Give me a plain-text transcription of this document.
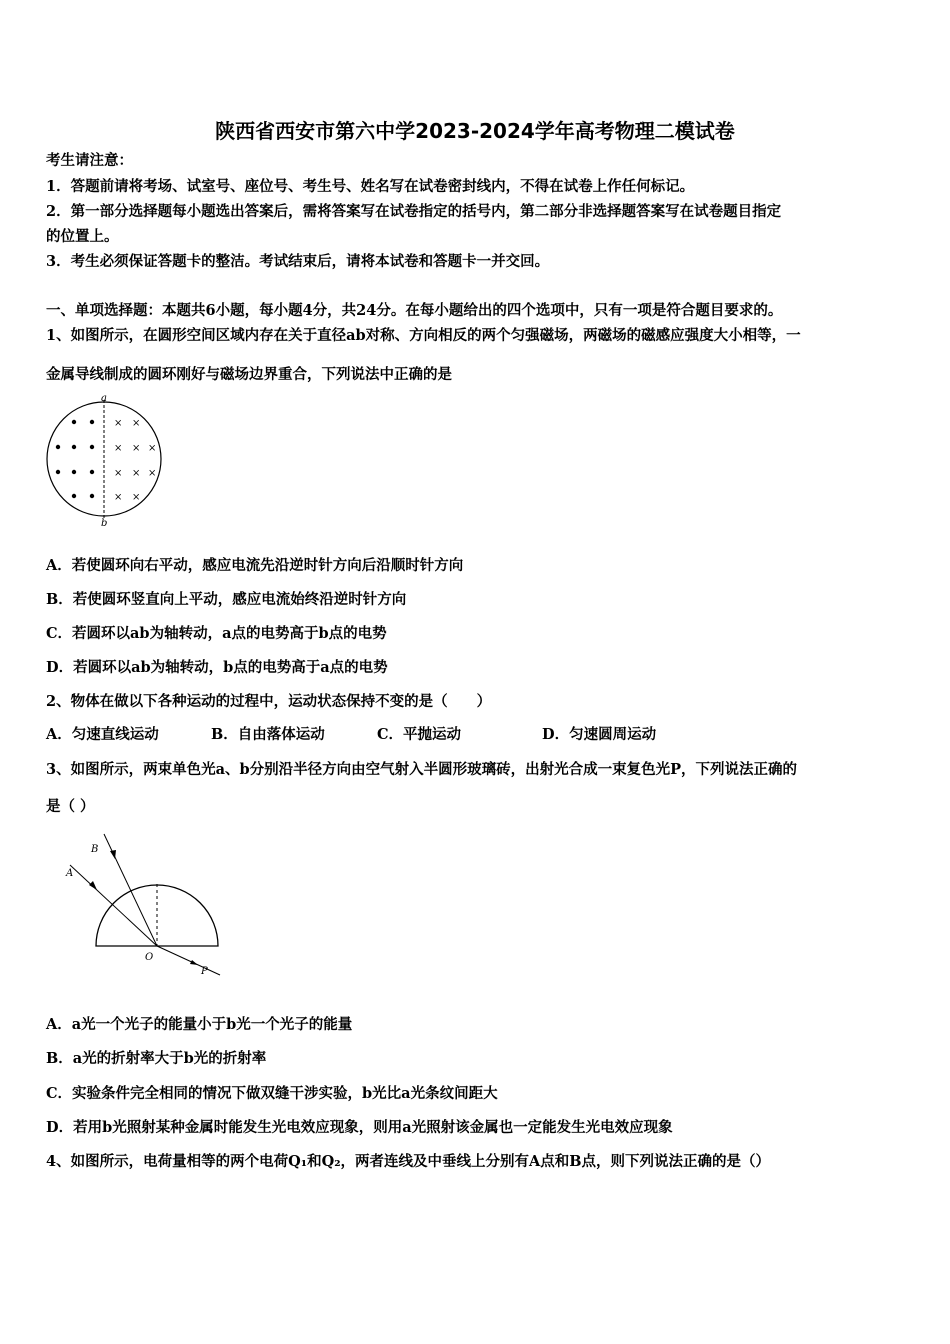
陕西省西安市第六中学2023-2024学年高考物理二模试卷
考生请注意：
1．答题前请将考场、试室号、座位号、考生号、姓名写在试卷密封线内，不得在试卷上作任何标记。
2．第一部分选择题每小题选出答案后，需将答案写在试卷指定的括号内，第二部分非选择题答案写在试卷题目指定
的位置上。
3．考生必须保证答题卡的整洁。考试结束后，请将本试卷和答题卡一并交回。
一、单项选择题：本题共6小题，每小题4分，共24分。在每小题给出的四个选项中，只有一项是符合题目要求的。
1、如图所示，在圆形空间区域内存在关于直径ab对称、方向相反的两个匀强磁场，两磁场的磁感应强度大小相等，一
金属导线制成的圆环刚好与磁场边界重合，下列说法中正确的是
a
b
× ×
× × ×
× × ×
× ×
A．若使圆环向右平动，感应电流先沿逆时针方向后沿顺时针方向
B．若使圆环竖直向上平动，感应电流始终沿逆时针方向
C．若圆环以ab为轴转动，a点的电势高于b点的电势
D．若圆环以ab为轴转动，b点的电势高于a点的电势
2、物体在做以下各种运动的过程中，运动状态保持不变的是（　　）
A．匀速直线运动	B．自由落体运动	C．平抛运动	D．匀速圆周运动
3、如图所示，两束单色光a、b分别沿半径方向由空气射入半圆形玻璃砖，出射光合成一束复色光P，下列说法正确的
是（ ）
A
B
O
P
A．a光一个光子的能量小于b光一个光子的能量
B．a光的折射率大于b光的折射率
C．实验条件完全相同的情况下做双缝干涉实验，b光比a光条纹间距大
D．若用b光照射某种金属时能发生光电效应现象，则用a光照射该金属也一定能发生光电效应现象
4、如图所示，电荷量相等的两个电荷Q₁和Q₂，两者连线及中垂线上分别有A点和B点，则下列说法正确的是（）
